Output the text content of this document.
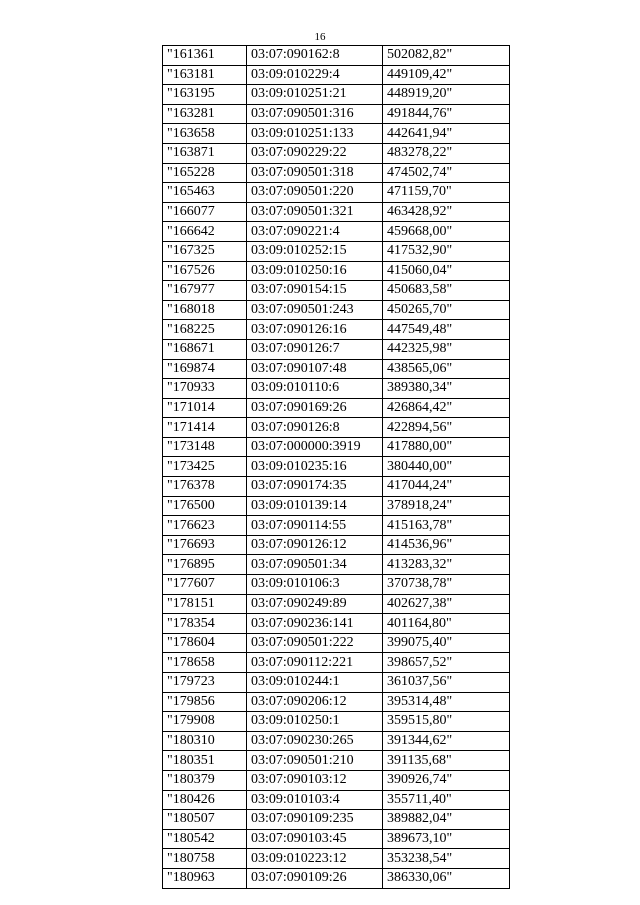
16
"161361	03:07:090162:8	502082,82"
"163181	03:09:010229:4	449109,42"
"163195	03:09:010251:21	448919,20"
"163281	03:07:090501:316	491844,76"
"163658	03:09:010251:133	442641,94"
"163871	03:07:090229:22	483278,22"
"165228	03:07:090501:318	474502,74"
"165463	03:07:090501:220	471159,70"
"166077	03:07:090501:321	463428,92"
"166642	03:07:090221:4	459668,00"
"167325	03:09:010252:15	417532,90"
"167526	03:09:010250:16	415060,04"
"167977	03:07:090154:15	450683,58"
"168018	03:07:090501:243	450265,70"
"168225	03:07:090126:16	447549,48"
"168671	03:07:090126:7	442325,98"
"169874	03:07:090107:48	438565,06"
"170933	03:09:010110:6	389380,34"
"171014	03:07:090169:26	426864,42"
"171414	03:07:090126:8	422894,56"
"173148	03:07:000000:3919	417880,00"
"173425	03:09:010235:16	380440,00"
"176378	03:07:090174:35	417044,24"
"176500	03:09:010139:14	378918,24"
"176623	03:07:090114:55	415163,78"
"176693	03:07:090126:12	414536,96"
"176895	03:07:090501:34	413283,32"
"177607	03:09:010106:3	370738,78"
"178151	03:07:090249:89	402627,38"
"178354	03:07:090236:141	401164,80"
"178604	03:07:090501:222	399075,40"
"178658	03:07:090112:221	398657,52"
"179723	03:09:010244:1	361037,56"
"179856	03:07:090206:12	395314,48"
"179908	03:09:010250:1	359515,80"
"180310	03:07:090230:265	391344,62"
"180351	03:07:090501:210	391135,68"
"180379	03:07:090103:12	390926,74"
"180426	03:09:010103:4	355711,40"
"180507	03:07:090109:235	389882,04"
"180542	03:07:090103:45	389673,10"
"180758	03:09:010223:12	353238,54"
"180963	03:07:090109:26	386330,06"
